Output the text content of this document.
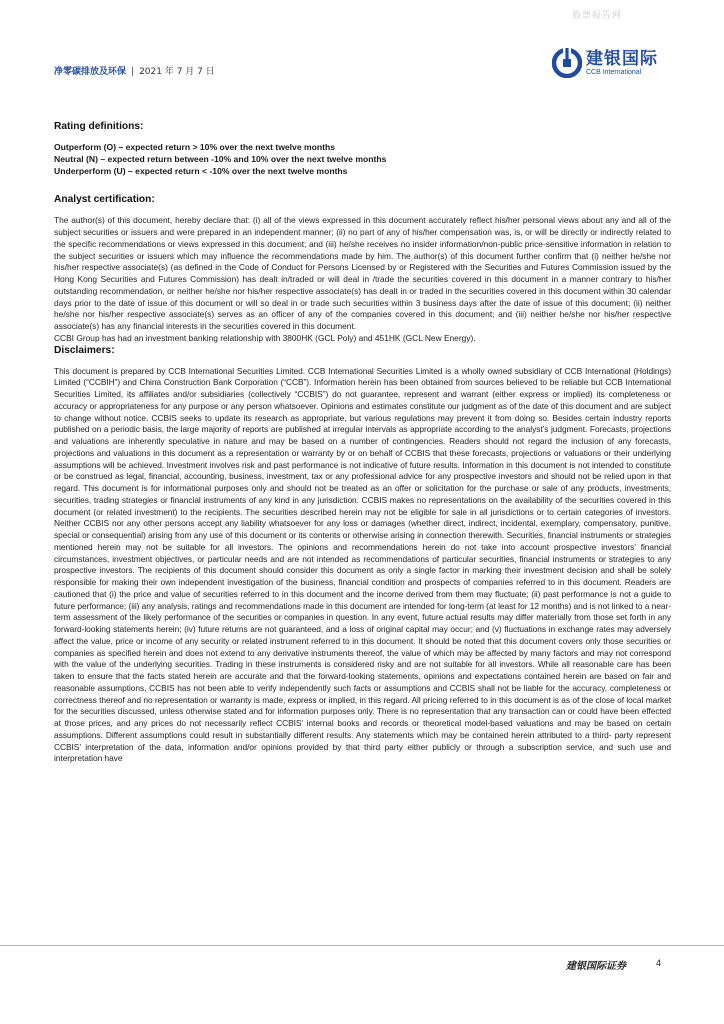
股票报告网
净零碳排放及环保 | 2021 年 7 月 7 日
建银国际
CCB International
Rating definitions:

Outperform (O) – expected return > 10% over the next twelve months

Neutral (N) – expected return between -10% and 10% over the next twelve months

Underperform (U) – expected return < -10% over the next twelve months

Analyst certification:

The author(s) of this document, hereby declare that: (i) all of the views expressed in this document accurately reflect his/her personal views about any and all of the subject securities or issuers and were prepared in an independent manner; (ii) no part of any of his/her compensation was, is, or will be directly or indirectly related to the specific recommendations or views expressed in this document; and (iii) he/she receives no insider information/non-public price-sensitive information in relation to the subject securities or issuers which may influence the recommendations made by him. The author(s) of this document further confirm that (i) neither he/she nor his/her respective associate(s) (as defined in the Code of Conduct for Persons Licensed by or Registered with the Securities and Futures Commission issued by the Hong Kong Securities and Futures Commission) has dealt in/traded or will deal in /trade the securities covered in this document in a manner contrary to his/her outstanding recommendation, or neither he/she nor his/her respective associate(s) has dealt in or traded in the securities covered in this document within 30 calendar days prior to the date of issue of this document or will so deal in or trade such securities within 3 business days after the date of issue of this document; (ii) neither he/she nor his/her respective associate(s) serves as an officer of any of the companies covered in this document; and (iii) neither he/she nor his/her respective associate(s) has any financial interests in the securities covered in this document.

CCBI Group has had an investment banking relationship with 3800HK (GCL Poly) and 451HK (GCL New Energy).

Disclaimers:

This document is prepared by CCB International Securities Limited. CCB International Securities Limited is a wholly owned subsidiary of CCB International (Holdings) Limited (“CCBIH”) and China Construction Bank Corporation (“CCB”). Information herein has been obtained from sources believed to be reliable but CCB International Securities Limited, its affiliates and/or subsidiaries (collectively “CCBIS”) do not guarantee, represent and warrant (either express or implied) its completeness or accuracy or appropriateness for any purpose or any person whatsoever. Opinions and estimates constitute our judgment as of the date of this document and are subject to change without notice. CCBIS seeks to update its research as appropriate, but various regulations may prevent it from doing so. Besides certain industry reports published on a periodic basis, the large majority of reports are published at irregular intervals as appropriate according to the analyst’s judgment. Forecasts, projections and valuations are inherently speculative in nature and may be based on a number of contingencies. Readers should not regard the inclusion of any forecasts, projections and valuations in this document as a representation or warranty by or on behalf of CCBIS that these forecasts, projections or valuations or their underlying assumptions will be achieved. Investment involves risk and past performance is not indicative of future results. Information in this document is not intended to constitute or be construed as legal, financial, accounting, business, investment, tax or any professional advice for any prospective investors and should not be relied upon in that regard. This document is for informational purposes only and should not be treated as an offer or solicitation for the purchase or sale of any products, investments, securities, trading strategies or financial instruments of any kind in any jurisdiction. CCBIS makes no representations on the availability of the securities covered in this document (or related investment) to the recipients. The securities described herein may not be eligible for sale in all jurisdictions or to certain categories of investors. Neither CCBIS nor any other persons accept any liability whatsoever for any loss or damages (whether direct, indirect, incidental, exemplary, compensatory, punitive, special or consequential) arising from any use of this document or its contents or otherwise arising in connection therewith. Securities, financial instruments or strategies mentioned herein may not be suitable for all investors. The opinions and recommendations herein do not take into account prospective investors’ financial circumstances, investment objectives, or particular needs and are not intended as recommendations of particular securities, financial instruments or strategies to any prospective investors. The recipients of this document should consider this document as only a single factor in marking their investment decision and shall be solely responsible for making their own independent investigation of the business, financial condition and prospects of companies referred to in this document. Readers are cautioned that (i) the price and value of securities referred to in this document and the income derived from them may fluctuate; (ii) past performance is not a guide to future performance; (iii) any analysis, ratings and recommendations made in this document are intended for long-term (at least for 12 months) and is not linked to a near-term assessment of the likely performance of the securities or companies in question. In any event, future actual results may differ materially from those set forth in any forward-looking statements herein; (iv) future returns are not guaranteed, and a loss of original capital may occur; and (v) fluctuations in exchange rates may adversely affect the value, price or income of any security or related instrument referred to in this document. It should be noted that this document covers only those securities or companies as specified herein and does not extend to any derivative instruments thereof, the value of which may be affected by many factors and may not correspond with the value of the underlying securities. Trading in these instruments is considered risky and are not suitable for all investors. While all reasonable care has been taken to ensure that the facts stated herein are accurate and that the forward-looking statements, opinions and expectations contained herein are based on fair and reasonable assumptions, CCBIS has not been able to verify independently such facts or assumptions and CCBIS shall not be liable for the accuracy, completeness or correctness thereof and no representation or warranty is made, express or implied, in this regard. All pricing referred to in this document is as of the close of local market for the securities discussed, unless otherwise stated and for information purposes only. There is no representation that any transaction can or could have been effected at those prices, and any prices do not necessarily reflect CCBIS’ internal books and records or theoretical model-based valuations and may be based on certain assumptions. Different assumptions could result in substantially different results. Any statements which may be contained herein attributed to a third- party represent CCBIS’ interpretation of the data, information and/or opinions provided by that third party either publicly or through a subscription service, and such use and interpretation have

建银国际证券	4
